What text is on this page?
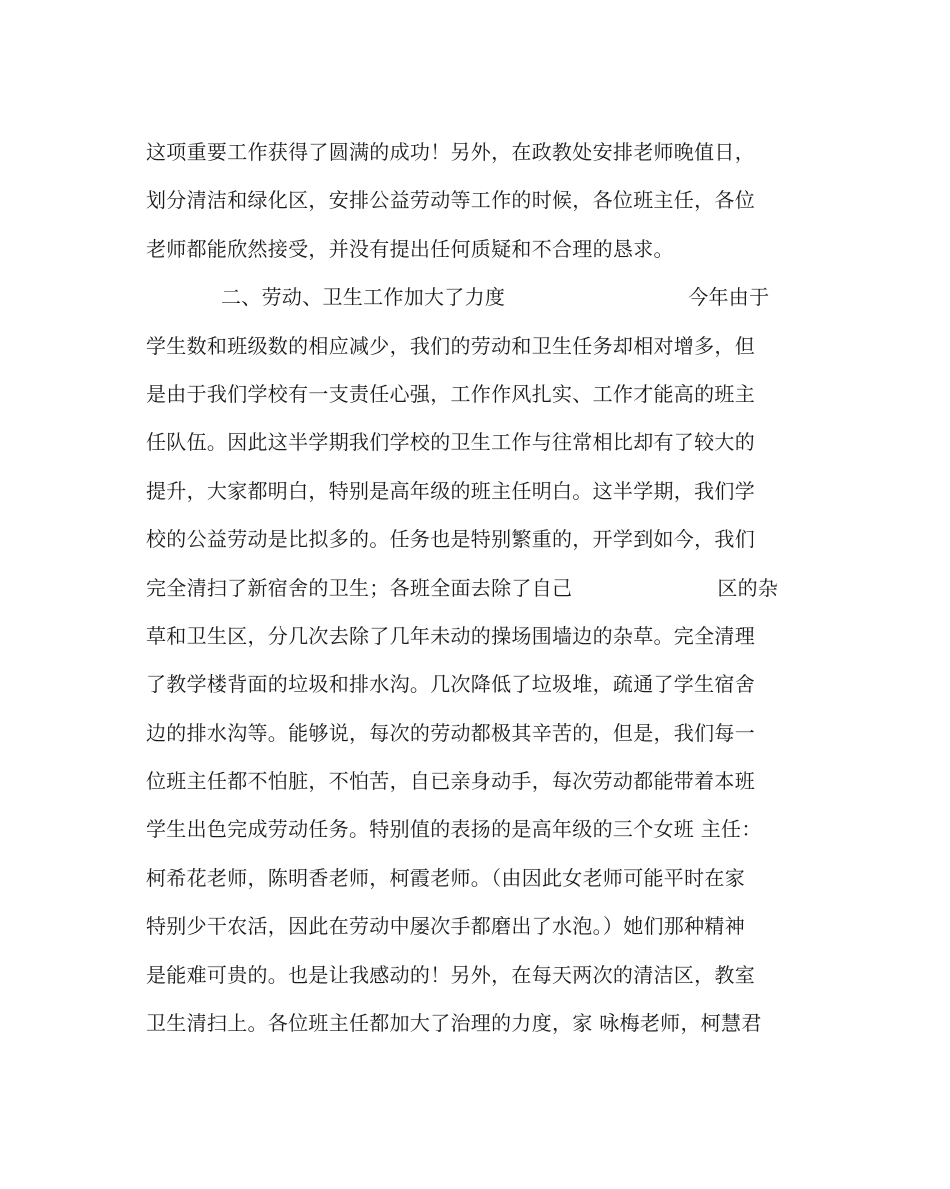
这项重要工作获得了圆满的成功！另外，在政教处安排老师晚值日，
划分清洁和绿化区，安排公益劳动等工作的时候，各位班主任，各位
老师都能欣然接受，并没有提出任何质疑和不合理的恳求。
二、劳动、卫生工作加大了力度	今年由于
学生数和班级数的相应减少，我们的劳动和卫生任务却相对增多，但
是由于我们学校有一支责任心强，工作作风扎实、工作才能高的班主
任队伍。因此这半学期我们学校的卫生工作与往常相比却有了较大的
提升，大家都明白，特别是高年级的班主任明白。这半学期，我们学
校的公益劳动是比拟多的。任务也是特别繁重的，开学到如今，我们
完全清扫了新宿舍的卫生；各班全面去除了自己	区的杂
草和卫生区，分几次去除了几年未动的操场围墙边的杂草。完全清理
了教学楼背面的垃圾和排水沟。几次降低了垃圾堆，疏通了学生宿舍
边的排水沟等。能够说，每次的劳动都极其辛苦的，但是，我们每一
位班主任都不怕脏，不怕苦，自已亲身动手，每次劳动都能带着本班
学生出色完成劳动任务。特别值的表扬的是高年级的三个女班 主任：
柯希花老师，陈明香老师，柯霞老师。（由因此女老师可能平时在家
特别少干农活，因此在劳动中屡次手都磨出了水泡。）她们那种精神
是能难可贵的。也是让我感动的！另外，在每天两次的清洁区，教室
卫生清扫上。各位班主任都加大了治理的力度，家 咏梅老师，柯慧君
